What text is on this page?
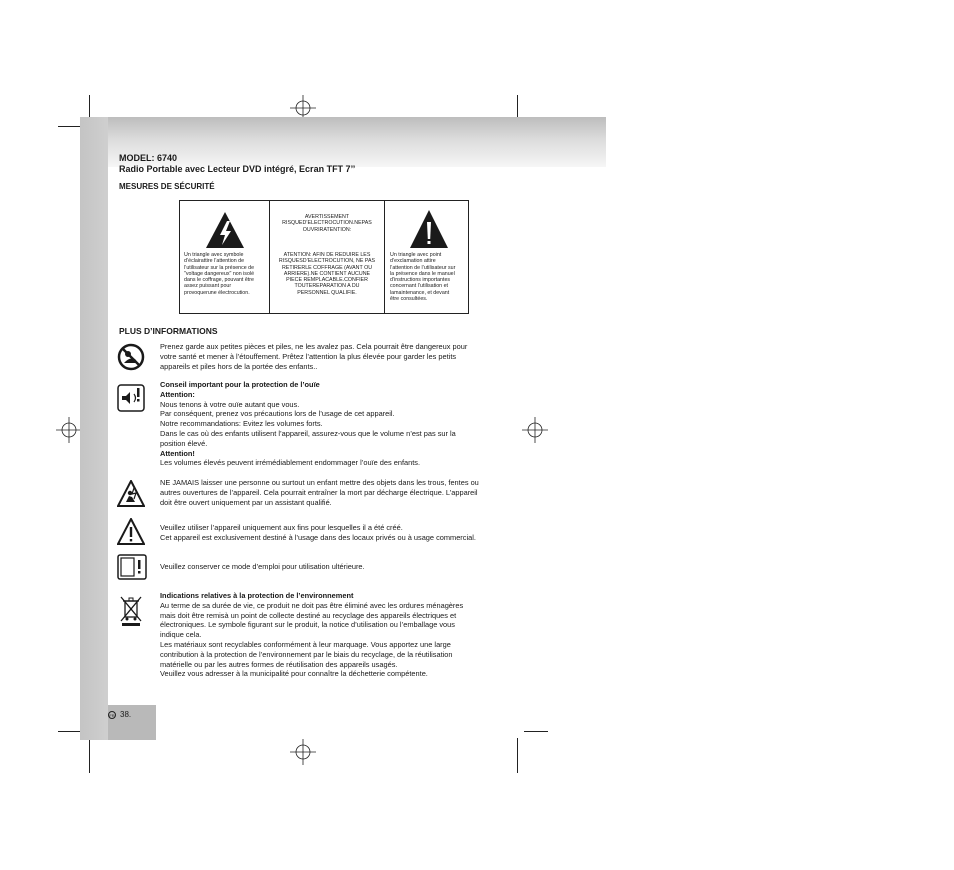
MODEL: 6740
Radio Portable avec Lecteur DVD intégré, Ecran TFT 7’’
MESURES DE SÉCURITÉ
Un triangle avec symbole
d’éclairattire l’attention de
l’utilisateur sur la présence de
"voltage dangereux" non isolé
dans le coffrage, pouvant être
assez puissant pour
provoquerune électrocution.
AVERTISSEMENT
RISQUED’ELECTROCUTION.NEPAS
OUVRIRATENTION:
ATENTION: AFIN DE REDUIRE LES
RISQUESD’ELECTROCUTION, NE PAS
RETIRERLE COFFRAGE (AVANT OU
ARRIERE).NE CONTIENT AUCUNE
PIECE REMPLACABLE.CONFIER
TOUTEREPARATION A DU
PERSONNEL QUALIFIE.
Un triangle avec point
d’exclamation attire
l’attention de l’utilisateur sur
la présence dans le manuel
d’instructions importantes
concernant l’utilisation et
lamaintenance, et devant
être consultées.
PLUS D’INFORMATIONS

Prenez garde aux petites pièces et piles, ne les avalez pas. Cela pourrait être dangereux pour

votre santé et mener à l’étouffement. Prêtez l’attention la plus élevée pour garder les petits

appareils et piles hors de la portée des enfants..

Conseil important pour la protection de l’ouïe

Attention:

Nous tenons à votre ouïe autant que vous.

Par conséquent, prenez vos précautions lors de l’usage de cet appareil.

Notre recommandations: Evitez les volumes forts.

Dans le cas où des enfants utilisent l’appareil, assurez-vous que le volume n’est pas sur la

position élevé.

Attention!

Les volumes élevés peuvent irrémédiablement endommager l’ouïe des enfants.

NE JAMAIS laisser une personne ou surtout un enfant mettre des objets dans les trous, fentes ou

autres ouvertures de l’appareil. Cela pourrait entraîner la mort par décharge électrique. L’appareil

doit être ouvert uniquement par un assistant qualifié.

Veuillez utiliser l’appareil uniquement aux fins pour lesquelles il a été créé.

Cet appareil est exclusivement destiné à l’usage dans des locaux privés ou à usage commercial.

Veuillez conserver ce mode d’emploi pour utilisation ultérieure.

Indications relatives à la protection de l’environnement

Au terme de sa durée de vie, ce produit ne doit pas être éliminé avec les ordures ménagères

mais doit être remisà un point de collecte destiné au recyclage des appareils électriques et

électroniques. Le symbole figurant sur le produit, la notice d’utilisation ou l’emballage vous

indique cela.

Les matériaux sont recyclables conformément à leur marquage. Vous apportez une large

contribution à la protection de l’environnement par le biais du recyclage, de la réutilisation

matérielle ou par les autres formes de réutilisation des appareils usagés.

Veuillez vous adresser à la municipalité pour connaître la déchetterie compétente.

FR 38.
